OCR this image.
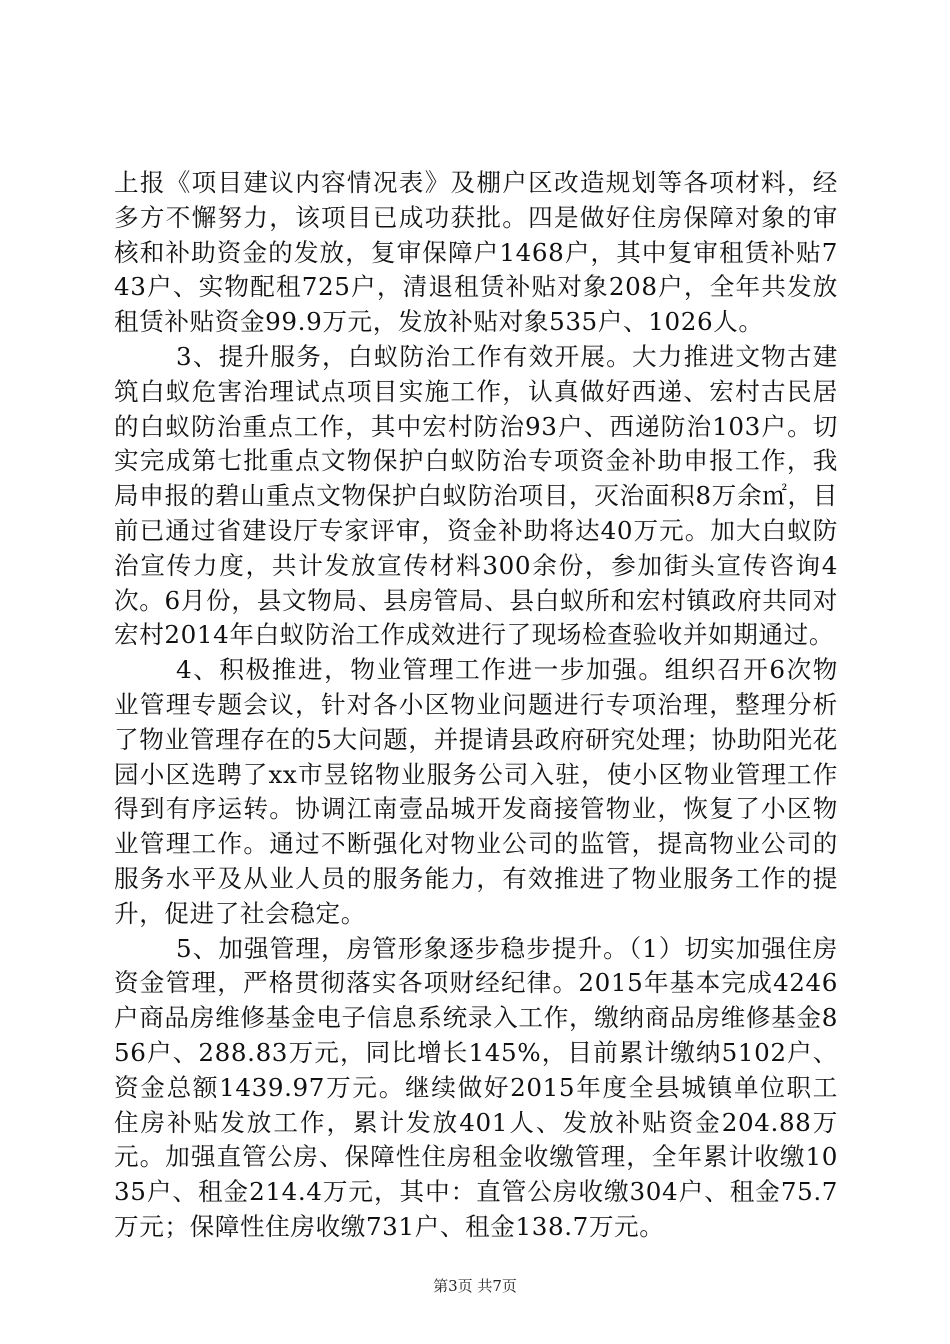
上报《项目建议内容情况表》及棚户区改造规划等各项材料，经多方不懈努力，该项目已成功获批。四是做好住房保障对象的审核和补助资金的发放，复审保障户1468户，其中复审租赁补贴743户、实物配租725户，清退租赁补贴对象208户，全年共发放租赁补贴资金99.9万元，发放补贴对象535户、1026人。

3、提升服务，白蚁防治工作有效开展。大力推进文物古建筑白蚁危害治理试点项目实施工作，认真做好西递、宏村古民居的白蚁防治重点工作，其中宏村防治93户、西递防治103户。切实完成第七批重点文物保护白蚁防治专项资金补助申报工作，我局申报的碧山重点文物保护白蚁防治项目，灭治面积8万余㎡，目前已通过省建设厅专家评审，资金补助将达40万元。加大白蚁防治宣传力度，共计发放宣传材料300余份，参加街头宣传咨询4次。6月份，县文物局、县房管局、县白蚁所和宏村镇政府共同对宏村2014年白蚁防治工作成效进行了现场检查验收并如期通过。

4、积极推进，物业管理工作进一步加强。组织召开6次物业管理专题会议，针对各小区物业问题进行专项治理，整理分析了物业管理存在的5大问题，并提请县政府研究处理；协助阳光花园小区选聘了xx市昱铭物业服务公司入驻，使小区物业管理工作得到有序运转。协调江南壹品城开发商接管物业，恢复了小区物业管理工作。通过不断强化对物业公司的监管，提高物业公司的服务水平及从业人员的服务能力，有效推进了物业服务工作的提升，促进了社会稳定。

5、加强管理，房管形象逐步稳步提升。（1）切实加强住房资金管理，严格贯彻落实各项财经纪律。2015年基本完成4246户商品房维修基金电子信息系统录入工作，缴纳商品房维修基金856户、288.83万元，同比增长145%，目前累计缴纳5102户、资金总额1439.97万元。继续做好2015年度全县城镇单位职工住房补贴发放工作，累计发放401人、发放补贴资金204.88万元。加强直管公房、保障性住房租金收缴管理，全年累计收缴1035户、租金214.4万元，其中：直管公房收缴304户、租金75.7万元；保障性住房收缴731户、租金138.7万元。

第3页 共7页
